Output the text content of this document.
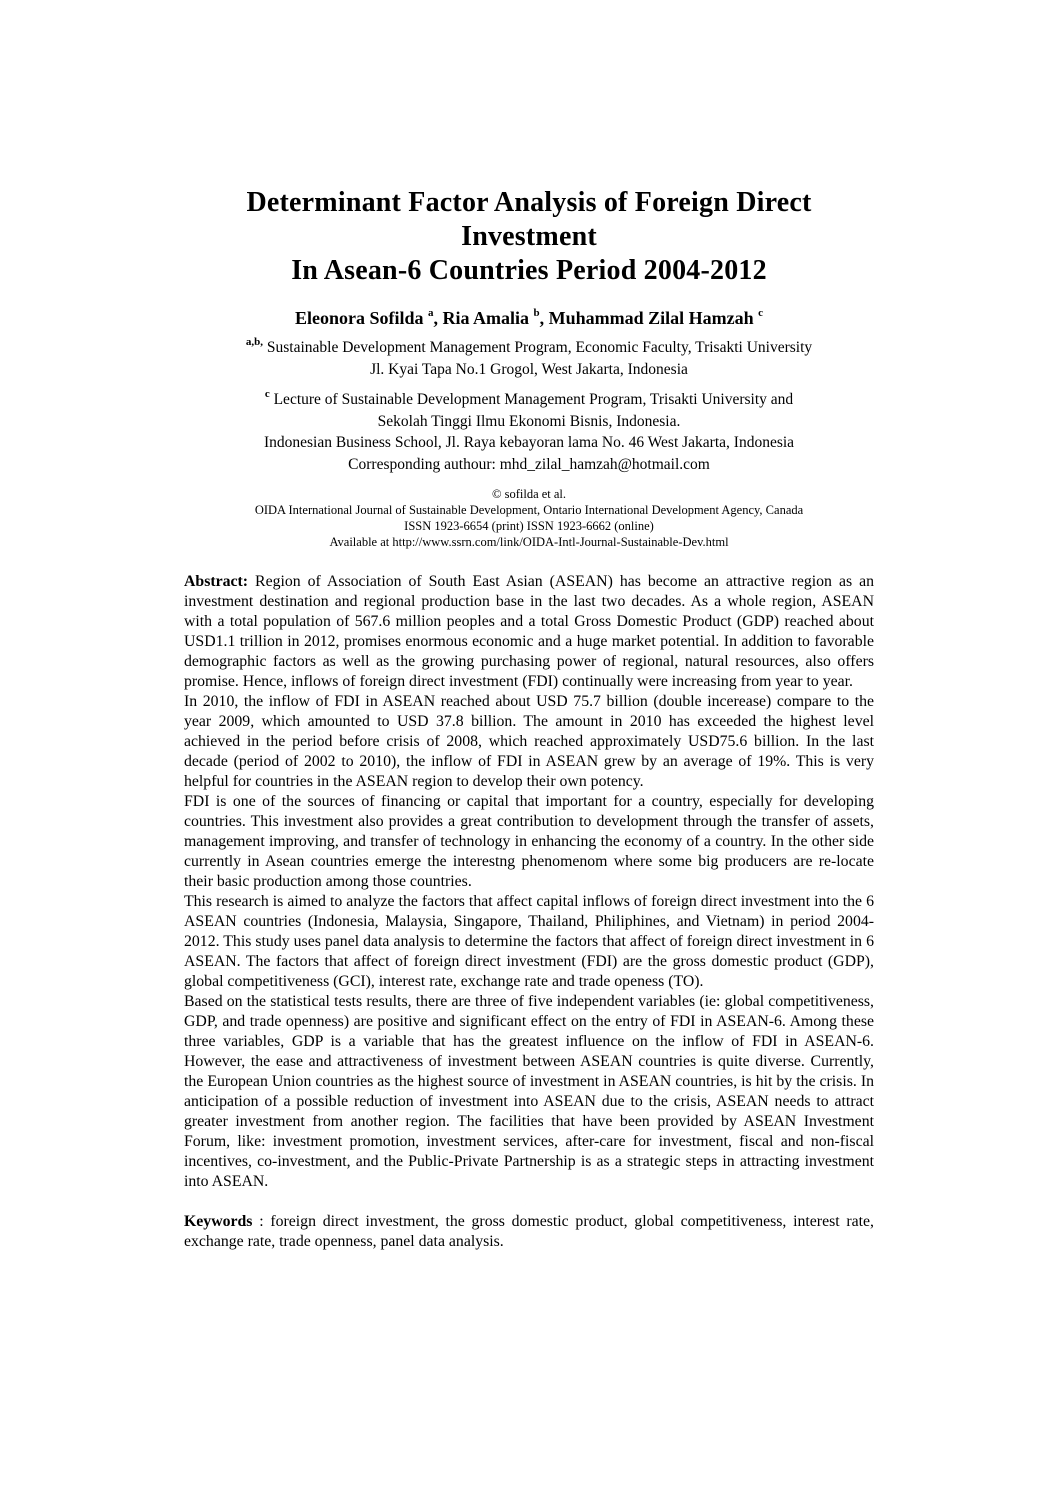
Determinant Factor Analysis of Foreign Direct Investment
In Asean-6 Countries Period 2004-2012
Eleonora Sofilda $^a$, Ria Amalia $^b$, Muhammad Zilal Hamzah $^c$
$^{a,b,}$ Sustainable Development Management Program, Economic Faculty, Trisakti University
Jl. Kyai Tapa No.1 Grogol, West Jakarta, Indonesia
$^c$ Lecture of Sustainable Development Management Program, Trisakti University and
Sekolah Tinggi Ilmu Ekonomi Bisnis, Indonesia.
Indonesian Business School, Jl. Raya kebayoran lama No. 46 West Jakarta, Indonesia
Corresponding authour: mhd_zilal_hamzah@hotmail.com
© sofilda et al.
OIDA International Journal of Sustainable Development, Ontario International Development Agency, Canada
ISSN 1923-6654 (print) ISSN 1923-6662 (online)
Available at http://www.ssrn.com/link/OIDA-Intl-Journal-Sustainable-Dev.html

Abstract: Region of Association of South East Asian (ASEAN) has become an attractive region as an investment destination and regional production base in the last two decades. As a whole region, ASEAN with a total population of 567.6 million peoples and a total Gross Domestic Product (GDP) reached about USD1.1 trillion in 2012, promises enormous economic and a huge market potential. In addition to favorable demographic factors as well as the growing purchasing power of regional, natural resources, also offers promise. Hence, inflows of foreign direct investment (FDI) continually were increasing from year to year.

In 2010, the inflow of FDI in ASEAN reached about USD 75.7 billion (double incerease) compare to the year 2009, which amounted to USD 37.8 billion. The amount in 2010 has exceeded the highest level achieved in the period before crisis of 2008, which reached approximately USD75.6 billion. In the last decade (period of 2002 to 2010), the inflow of FDI in ASEAN grew by an average of 19%. This is very helpful for countries in the ASEAN region to develop their own potency.

FDI is one of the sources of financing or capital that important for a country, especially for developing countries. This investment also provides a great contribution to development through the transfer of assets, management improving, and transfer of technology in enhancing the economy of a country. In the other side currently in Asean countries emerge the interestng phenomenom where some big producers are re-locate their basic production among those countries.

This research is aimed to analyze the factors that affect capital inflows of foreign direct investment into the 6 ASEAN countries (Indonesia, Malaysia, Singapore, Thailand, Philiphines, and Vietnam) in period 2004-2012. This study uses panel data analysis to determine the factors that affect of foreign direct investment in 6 ASEAN. The factors that affect of foreign direct investment (FDI) are the gross domestic product (GDP), global competitiveness (GCI), interest rate, exchange rate and trade openess (TO).

Based on the statistical tests results, there are three of five independent variables (ie: global competitiveness, GDP, and trade openness) are positive and significant effect on the entry of FDI in ASEAN-6. Among these three variables, GDP is a variable that has the greatest influence on the inflow of FDI in ASEAN-6. However, the ease and attractiveness of investment between ASEAN countries is quite diverse. Currently, the European Union countries as the highest source of investment in ASEAN countries, is hit by the crisis. In anticipation of a possible reduction of investment into ASEAN due to the crisis, ASEAN needs to attract greater investment from another region. The facilities that have been provided by ASEAN Investment Forum, like: investment promotion, investment services, after-care for investment, fiscal and non-fiscal incentives, co-investment, and the Public-Private Partnership is as a strategic steps in attracting investment into ASEAN.

Keywords : foreign direct investment, the gross domestic product, global competitiveness, interest rate, exchange rate, trade openness, panel data analysis.
